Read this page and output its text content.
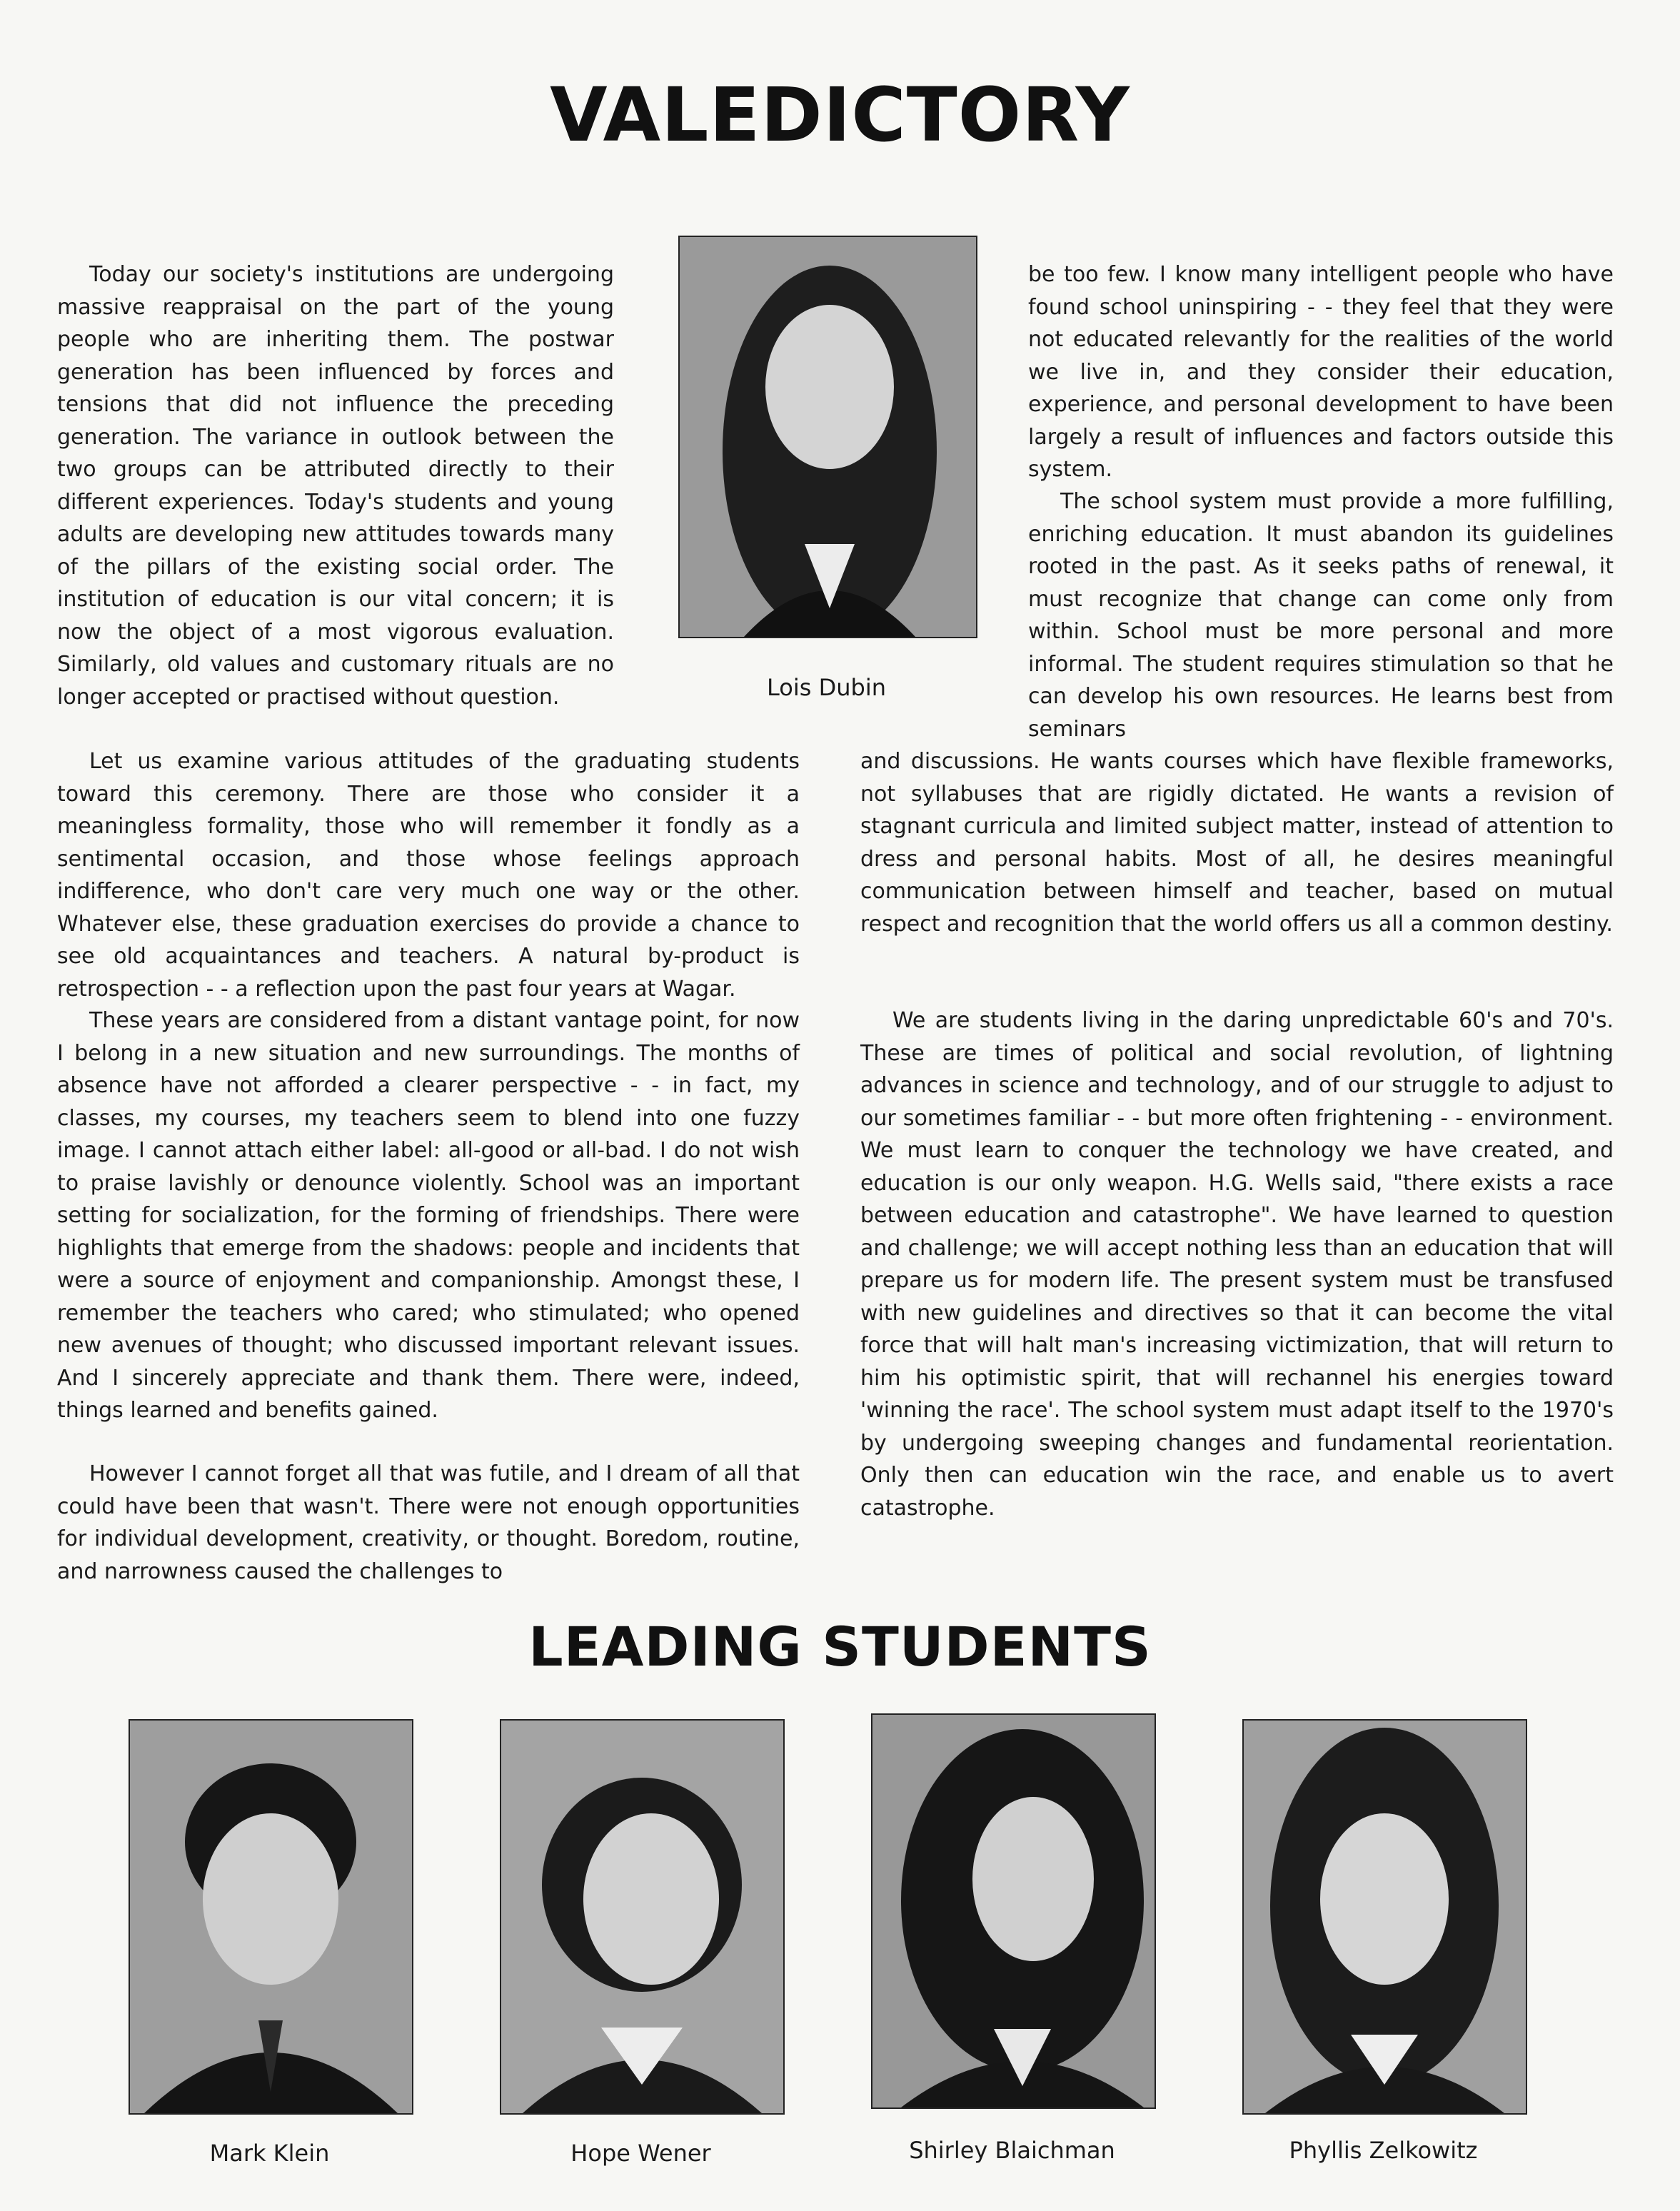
VALEDICTORY

Today our society's institutions are undergoing massive reappraisal on the part of the young people who are inheriting them. The postwar generation has been influenced by forces and tensions that did not influence the preceding generation. The variance in outlook between the two groups can be attributed directly to their different experiences. Today's students and young adults are developing new attitudes towards many of the pillars of the existing social order. The institution of education is our vital concern; it is now the object of a most vigorous evaluation. Similarly, old values and customary rituals are no longer accepted or practised without question.

Let us examine various attitudes of the graduating students toward this ceremony. There are those who consider it a meaningless formality, those who will remember it fondly as a sentimental occasion, and those whose feelings approach indifference, who don't care very much one way or the other. Whatever else, these graduation exercises do provide a chance to see old acquaintances and teachers. A natural by-product is retrospection - - a reflection upon the past four years at Wagar.

These years are considered from a distant vantage point, for now I belong in a new situation and new surroundings. The months of absence have not afforded a clearer perspective - - in fact, my classes, my courses, my teachers seem to blend into one fuzzy image. I cannot attach either label: all-good or all-bad. I do not wish to praise lavishly or denounce violently. School was an important setting for socialization, for the forming of friendships. There were highlights that emerge from the shadows: people and incidents that were a source of enjoyment and companionship. Amongst these, I remember the teachers who cared; who stimulated; who opened new avenues of thought; who discussed important relevant issues. And I sincerely appreciate and thank them. There were, indeed, things learned and benefits gained.

However I cannot forget all that was futile, and I dream of all that could have been that wasn't. There were not enough opportunities for individual development, creativity, or thought. Boredom, routine, and narrowness caused the challenges to

Lois Dubin

be too few. I know many intelligent people who have found school uninspiring - - they feel that they were not educated relevantly for the realities of the world we live in, and they consider their education, experience, and personal development to have been largely a result of influences and factors outside this system.

The school system must provide a more fulfilling, enriching education. It must abandon its guidelines rooted in the past. As it seeks paths of renewal, it must recognize that change can come only from within. School must be more personal and more informal. The student requires stimulation so that he can develop his own resources. He learns best from seminars

and discussions. He wants courses which have flexible frameworks, not syllabuses that are rigidly dictated. He wants a revision of stagnant curricula and limited subject matter, instead of attention to dress and personal habits. Most of all, he desires meaningful communication between himself and teacher, based on mutual respect and recognition that the world offers us all a common destiny.

We are students living in the daring unpredictable 60's and 70's. These are times of political and social revolution, of lightning advances in science and technology, and of our struggle to adjust to our sometimes familiar - - but more often frightening - - environment. We must learn to conquer the technology we have created, and education is our only weapon. H.G. Wells said, "there exists a race between education and catastrophe". We have learned to question and challenge; we will accept nothing less than an education that will prepare us for modern life. The present system must be transfused with new guidelines and directives so that it can become the vital force that will halt man's increasing victimization, that will return to him his optimistic spirit, that will rechannel his energies toward 'winning the race'. The school system must adapt itself to the 1970's by undergoing sweeping changes and fundamental reorientation. Only then can education win the race, and enable us to avert catastrophe.

LEADING STUDENTS
Mark Klein	Hope Wener	Shirley Blaichman	Phyllis Zelkowitz
